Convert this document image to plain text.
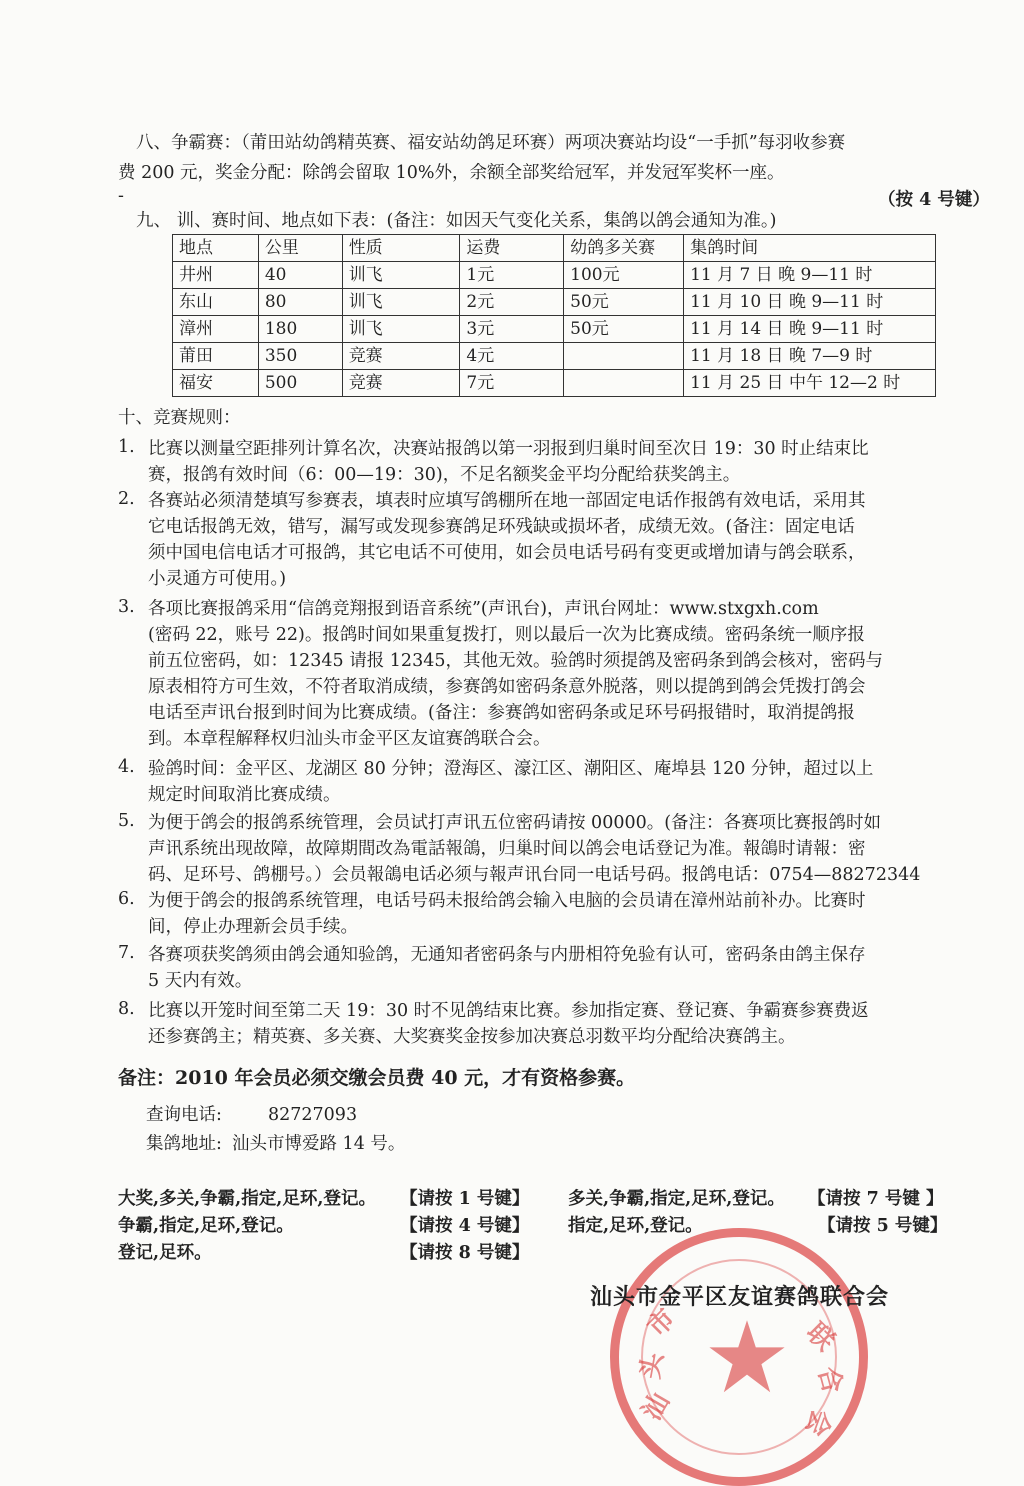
八、争霸赛：（莆田站幼鸽精英赛、福安站幼鸽足环赛）两项决赛站均设“一手抓”每羽收参赛
费 200 元，奖金分配：除鸽会留取 10%外，余额全部奖给冠军，并发冠军奖杯一座。
-	（按 4 号键）
九、 训、赛时间、地点如下表：(备注：如因天气变化关系，集鸽以鸽会通知为准。)
地点	公里	性质	运费	幼鸽多关赛	集鸽时间
井州	40	训飞	1元	100元	11 月 7 日 晚 9—11 时
东山	80	训飞	2元	50元	11 月 10 日 晚 9—11 时
漳州	180	训飞	3元	50元	11 月 14 日 晚 9—11 时
莆田	350	竞赛	4元		11 月 18 日 晚 7—9 时
福安	500	竞赛	7元		11 月 25 日 中午 12—2 时
十、竞赛规则：
1. 比赛以测量空距排列计算名次，决赛站报鸽以第一羽报到归巢时间至次日 19：30 时止结束比
赛，报鸽有效时间（6：00—19：30)，不足名额奖金平均分配给获奖鸽主。
2. 各赛站必须清楚填写参赛表，填表时应填写鸽棚所在地一部固定电话作报鸽有效电话，采用其
它电话报鸽无效，错写，漏写或发现参赛鸽足环残缺或损坏者，成绩无效。(备注：固定电话
须中国电信电话才可报鸽，其它电话不可使用，如会员电话号码有变更或增加请与鸽会联系，
小灵通方可使用。)
3. 各项比赛报鸽采用“信鸽竞翔报到语音系统”(声讯台)，声讯台网址：www.stxgxh.com
(密码 22，账号 22)。报鸽时间如果重复拨打，则以最后一次为比赛成绩。密码条统一顺序报
前五位密码，如：12345 请报 12345，其他无效。验鸽时须提鸽及密码条到鸽会核对，密码与
原表相符方可生效，不符者取消成绩，参赛鸽如密码条意外脱落，则以提鸽到鸽会凭拨打鸽会
电话至声讯台报到时间为比赛成绩。(备注：参赛鸽如密码条或足环号码报错时，取消提鸽报
到。本章程解释权归汕头市金平区友谊赛鸽联合会。
4. 验鸽时间：金平区、龙湖区 80 分钟；澄海区、濠江区、潮阳区、庵埠县 120 分钟，超过以上
规定时间取消比赛成绩。
5. 为便于鸽会的报鸽系统管理，会员试打声讯五位密码请按 00000。(备注：各赛项比赛报鸽时如
声讯系统出现故障，故障期間改為電話報鴿，归巢时间以鸽会电话登记为准。報鴿时请報：密
码、足环号、鸽棚号。）会员報鴿电话必须与報声讯台同一电话号码。报鸽电话：0754—88272344
6. 为便于鸽会的报鸽系统管理，电话号码未报给鸽会输入电脑的会员请在漳州站前补办。比赛时
间，停止办理新会员手续。
7. 各赛项获奖鸽须由鸽会通知验鸽，无通知者密码条与内册相符免验有认可，密码条由鸽主保存
5 天内有效。
8. 比赛以开笼时间至第二天 19：30 时不见鸽结束比赛。参加指定赛、登记赛、争霸赛参赛费返
还参赛鸽主；精英赛、多关赛、大奖赛奖金按参加决赛总羽数平均分配给决赛鸽主。
备注：2010 年会员必须交缴会员费 40 元，才有资格参赛。
查询电话:	82727093
集鸽地址: 汕头市博爱路 14 号。
大奖,多关,争霸,指定,足环,登记。 【请按 1 号键】
争霸,指定,足环,登记。	【请按 4 号键】
登记,足环。	【请按 8 号键】
多关,争霸,指定,足环,登记。 【请按 7 号键 】
指定,足环,登记。	【请按 5 号键】
汕
头
市	联
合
会
汕头市金平区友谊赛鸽联合会
